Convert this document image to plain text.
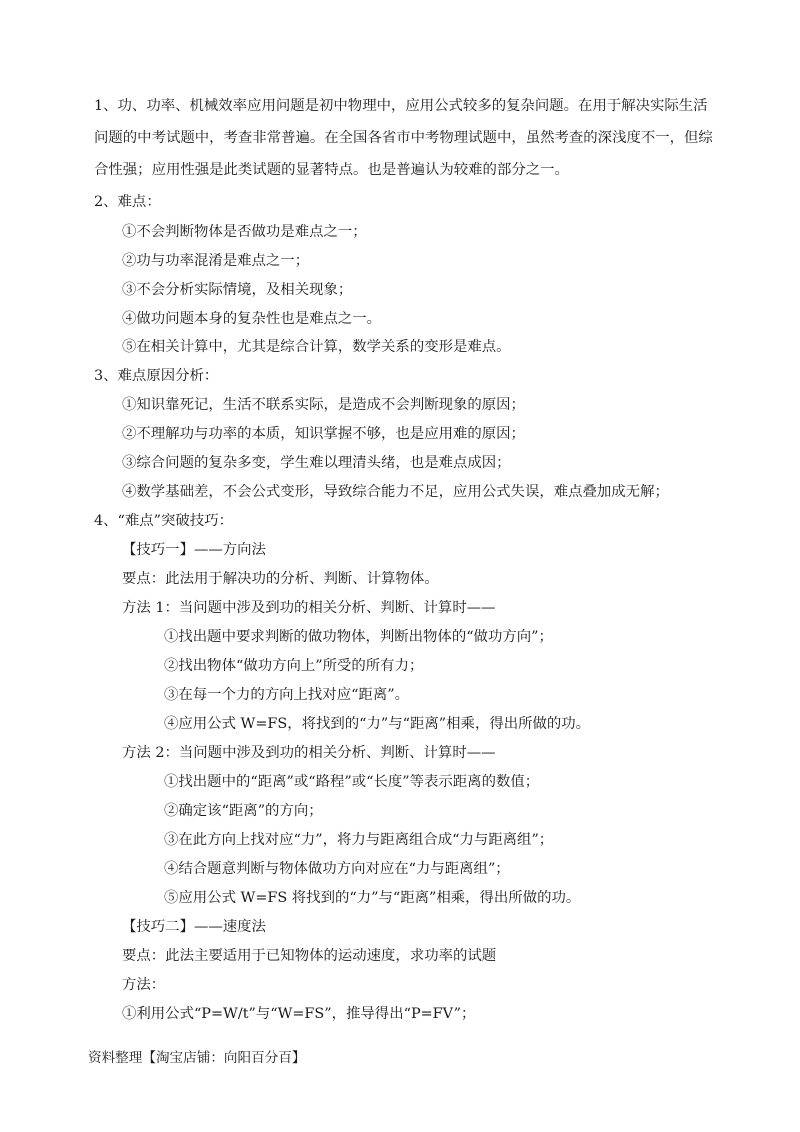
1、功、功率、机械效率应用问题是初中物理中，应用公式较多的复杂问题。在用于解决实际生活
问题的中考试题中，考查非常普遍。在全国各省市中考物理试题中，虽然考查的深浅度不一，但综
合性强；应用性强是此类试题的显著特点。也是普遍认为较难的部分之一。
2、难点：
①不会判断物体是否做功是难点之一；
②功与功率混淆是难点之一；
③不会分析实际情境，及相关现象；
④做功问题本身的复杂性也是难点之一。
⑤在相关计算中，尤其是综合计算，数学关系的变形是难点。
3、难点原因分析：
①知识靠死记，生活不联系实际，是造成不会判断现象的原因；
②不理解功与功率的本质，知识掌握不够，也是应用难的原因；
③综合问题的复杂多变，学生难以理清头绪，也是难点成因；
④数学基础差，不会公式变形，导致综合能力不足，应用公式失误，难点叠加成无解；
4、“难点”突破技巧：
【技巧一】——方向法
要点：此法用于解决功的分析、判断、计算物体。
方法 1：当问题中涉及到功的相关分析、判断、计算时——
①找出题中要求判断的做功物体，判断出物体的“做功方向”；
②找出物体“做功方向上”所受的所有力；
③在每一个力的方向上找对应“距离”。
④应用公式 W=FS，将找到的“力”与“距离”相乘，得出所做的功。
方法 2：当问题中涉及到功的相关分析、判断、计算时——
①找出题中的“距离”或“路程”或“长度”等表示距离的数值；
②确定该“距离”的方向；
③在此方向上找对应“力”，将力与距离组合成“力与距离组”；
④结合题意判断与物体做功方向对应在“力与距离组”；
⑤应用公式 W=FS 将找到的“力”与“距离”相乘，得出所做的功。
【技巧二】——速度法
要点：此法主要适用于已知物体的运动速度，求功率的试题
方法：
①利用公式“P=W/t”与“W=FS”，推导得出“P=FV”；
资料整理【淘宝店铺：向阳百分百】
